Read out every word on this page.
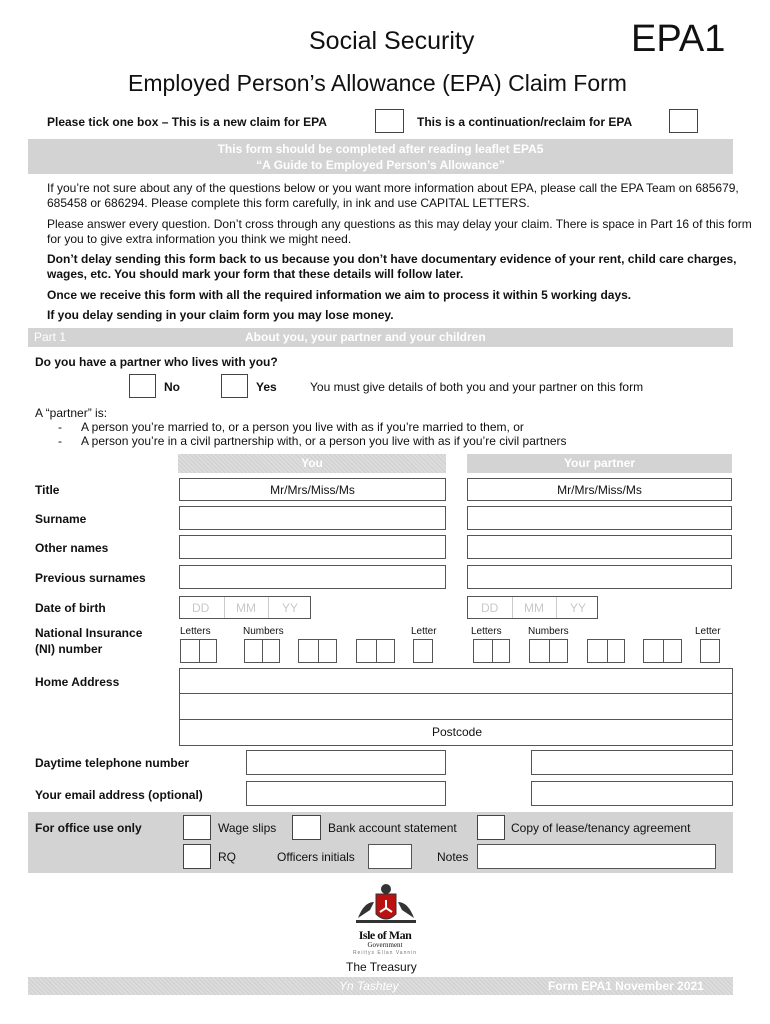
Social Security	EPA1
Employed Person’s Allowance (EPA) Claim Form
Please tick one box – This is a new claim for EPA	This is a continuation/reclaim for EPA
This form should be completed after reading leaflet EPA5
“A Guide to Employed Person’s Allowance”
If you’re not sure about any of the questions below or you want more information about EPA, please call the EPA Team on 685679, 685458 or 686294. Please complete this form carefully, in ink and use CAPITAL LETTERS.
Please answer every question. Don’t cross through any questions as this may delay your claim. There is space in Part 16 of this form for you to give extra information you think we might need.
Don’t delay sending this form back to us because you don’t have documentary evidence of your rent, child care charges, wages, etc. You should mark your form that these details will follow later.
Once we receive this form with all the required information we aim to process it within 5 working days.
If you delay sending in your claim form you may lose money.
Part 1	About you, your partner and your children
Do you have a partner who lives with you?
No	Yes	You must give details of both you and your partner on this form
A “partner” is:
- A person you’re married to, or a person you live with as if you’re married to them, or
- A person you’re in a civil partnership with, or a person you live with as if you’re civil partners
You	Your partner
Title	Mr/Mrs/Miss/Ms	Mr/Mrs/Miss/Ms
Surname
Other names
Previous surnames
Date of birth	DD MM YY	DD MM YY
National Insurance
(NI) number
Letters	Numbers	Letter	Letters	Numbers	Letter
Home Address
Postcode
Daytime telephone number
Your email address (optional)
For office use only	Wage slips	Bank account statement	Copy of lease/tenancy agreement
RQ	Officers initials	Notes
Isle of Man
Government
Reiltys Ellan Vannin
The Treasury
Yn Tashtey	Form EPA1 November 2021
